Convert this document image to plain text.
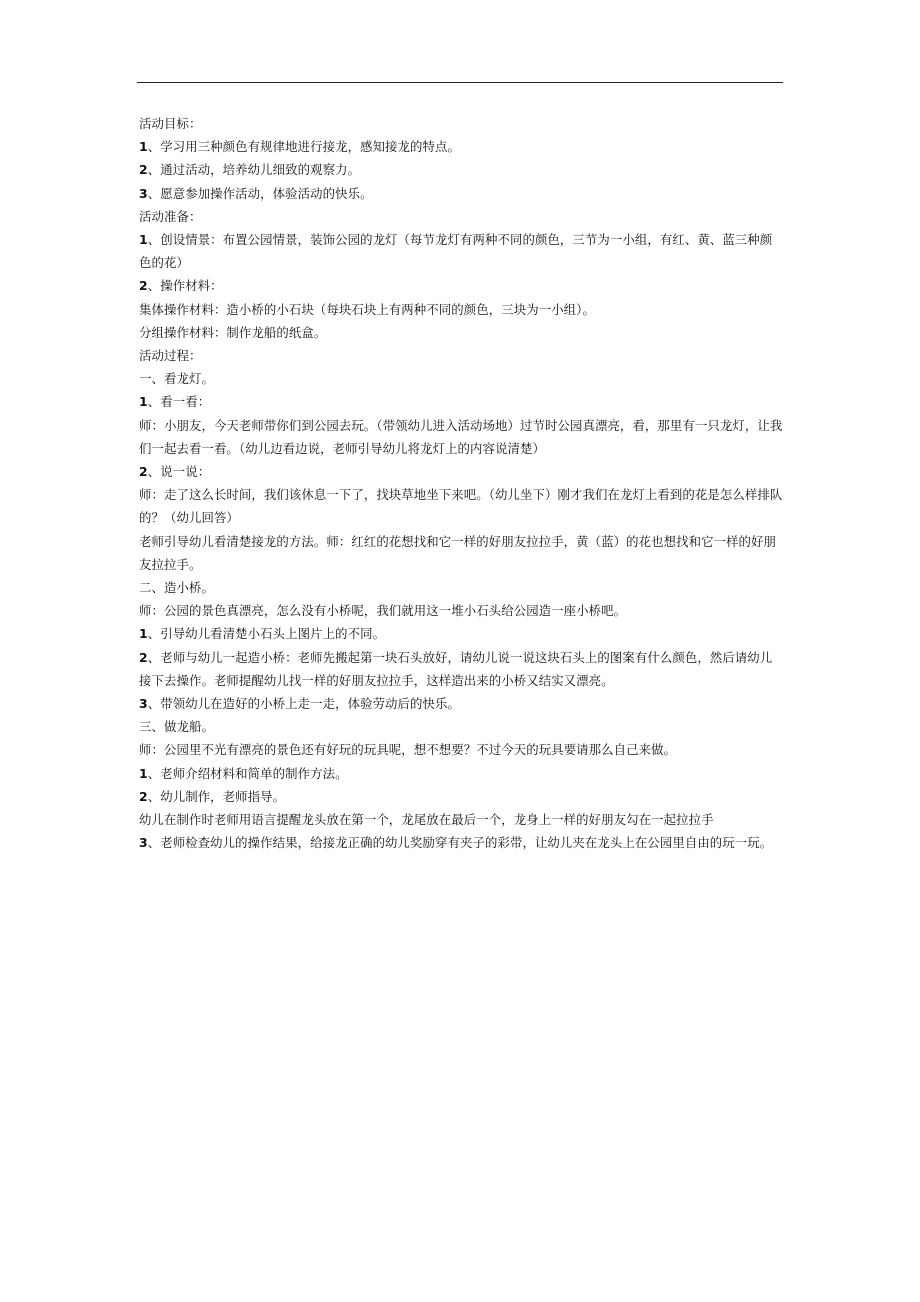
活动目标：

1、学习用三种颜色有规律地进行接龙，感知接龙的特点。

2、通过活动，培养幼儿细致的观察力。

3、愿意参加操作活动，体验活动的快乐。

活动准备：

1、创设情景：布置公园情景，装饰公园的龙灯（每节龙灯有两种不同的颜色，三节为一小组，有红、黄、蓝三种颜色的花）

2、操作材料：

集体操作材料：造小桥的小石块（每块石块上有两种不同的颜色，三块为一小组）。

分组操作材料：制作龙船的纸盒。

活动过程：

一、看龙灯。

1、看一看：

师：小朋友，今天老师带你们到公园去玩。（带领幼儿进入活动场地）过节时公园真漂亮，看，那里有一只龙灯，让我们一起去看一看。（幼儿边看边说，老师引导幼儿将龙灯上的内容说清楚）

2、说一说：

师：走了这么长时间，我们该休息一下了，找块草地坐下来吧。（幼儿坐下）刚才我们在龙灯上看到的花是怎么样排队的？（幼儿回答）

老师引导幼儿看清楚接龙的方法。师：红红的花想找和它一样的好朋友拉拉手，黄（蓝）的花也想找和它一样的好朋友拉拉手。

二、造小桥。

师：公园的景色真漂亮，怎么没有小桥呢，我们就用这一堆小石头给公园造一座小桥吧。

1、引导幼儿看清楚小石头上图片上的不同。

2、老师与幼儿一起造小桥：老师先搬起第一块石头放好，请幼儿说一说这块石头上的图案有什么颜色，然后请幼儿接下去操作。老师提醒幼儿找一样的好朋友拉拉手，这样造出来的小桥又结实又漂亮。

3、带领幼儿在造好的小桥上走一走，体验劳动后的快乐。

三、做龙船。

师：公园里不光有漂亮的景色还有好玩的玩具呢，想不想要？不过今天的玩具要请那么自己来做。

1、老师介绍材料和简单的制作方法。

2、幼儿制作，老师指导。

幼儿在制作时老师用语言提醒龙头放在第一个，龙尾放在最后一个，龙身上一样的好朋友勾在一起拉拉手

3、老师检查幼儿的操作结果，给接龙正确的幼儿奖励穿有夹子的彩带，让幼儿夹在龙头上在公园里自由的玩一玩。
